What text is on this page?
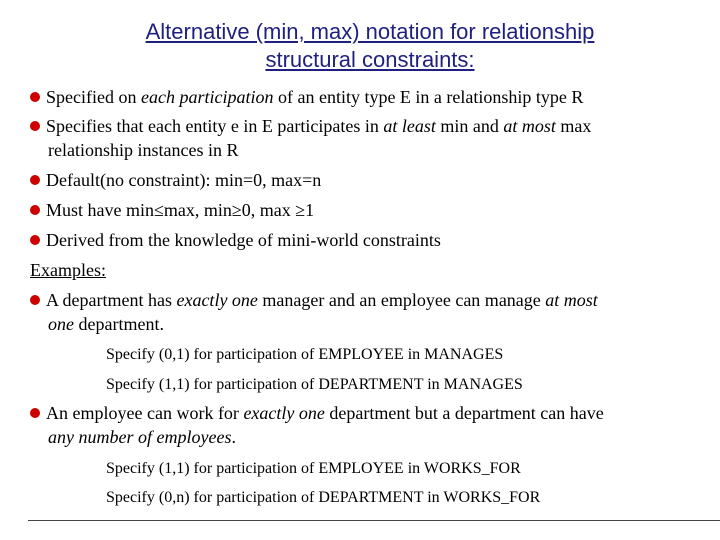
Alternative (min, max) notation for relationship
structural constraints:
Specified on each participation of an entity type E in a relationship type R
Specifies that each entity e in E participates in at least min and at most max
relationship instances in R
Default(no constraint): min=0, max=n
Must have min≤max, min≥0, max ≥1
Derived from the knowledge of mini-world constraints
Examples:
A department has exactly one manager and an employee can manage at most
one department.
Specify (0,1) for participation of EMPLOYEE in MANAGES
Specify (1,1) for participation of DEPARTMENT in MANAGES
An employee can work for exactly one department but a department can have
any number of employees.
Specify (1,1) for participation of EMPLOYEE in WORKS_FOR
Specify (0,n) for participation of DEPARTMENT in WORKS_FOR
